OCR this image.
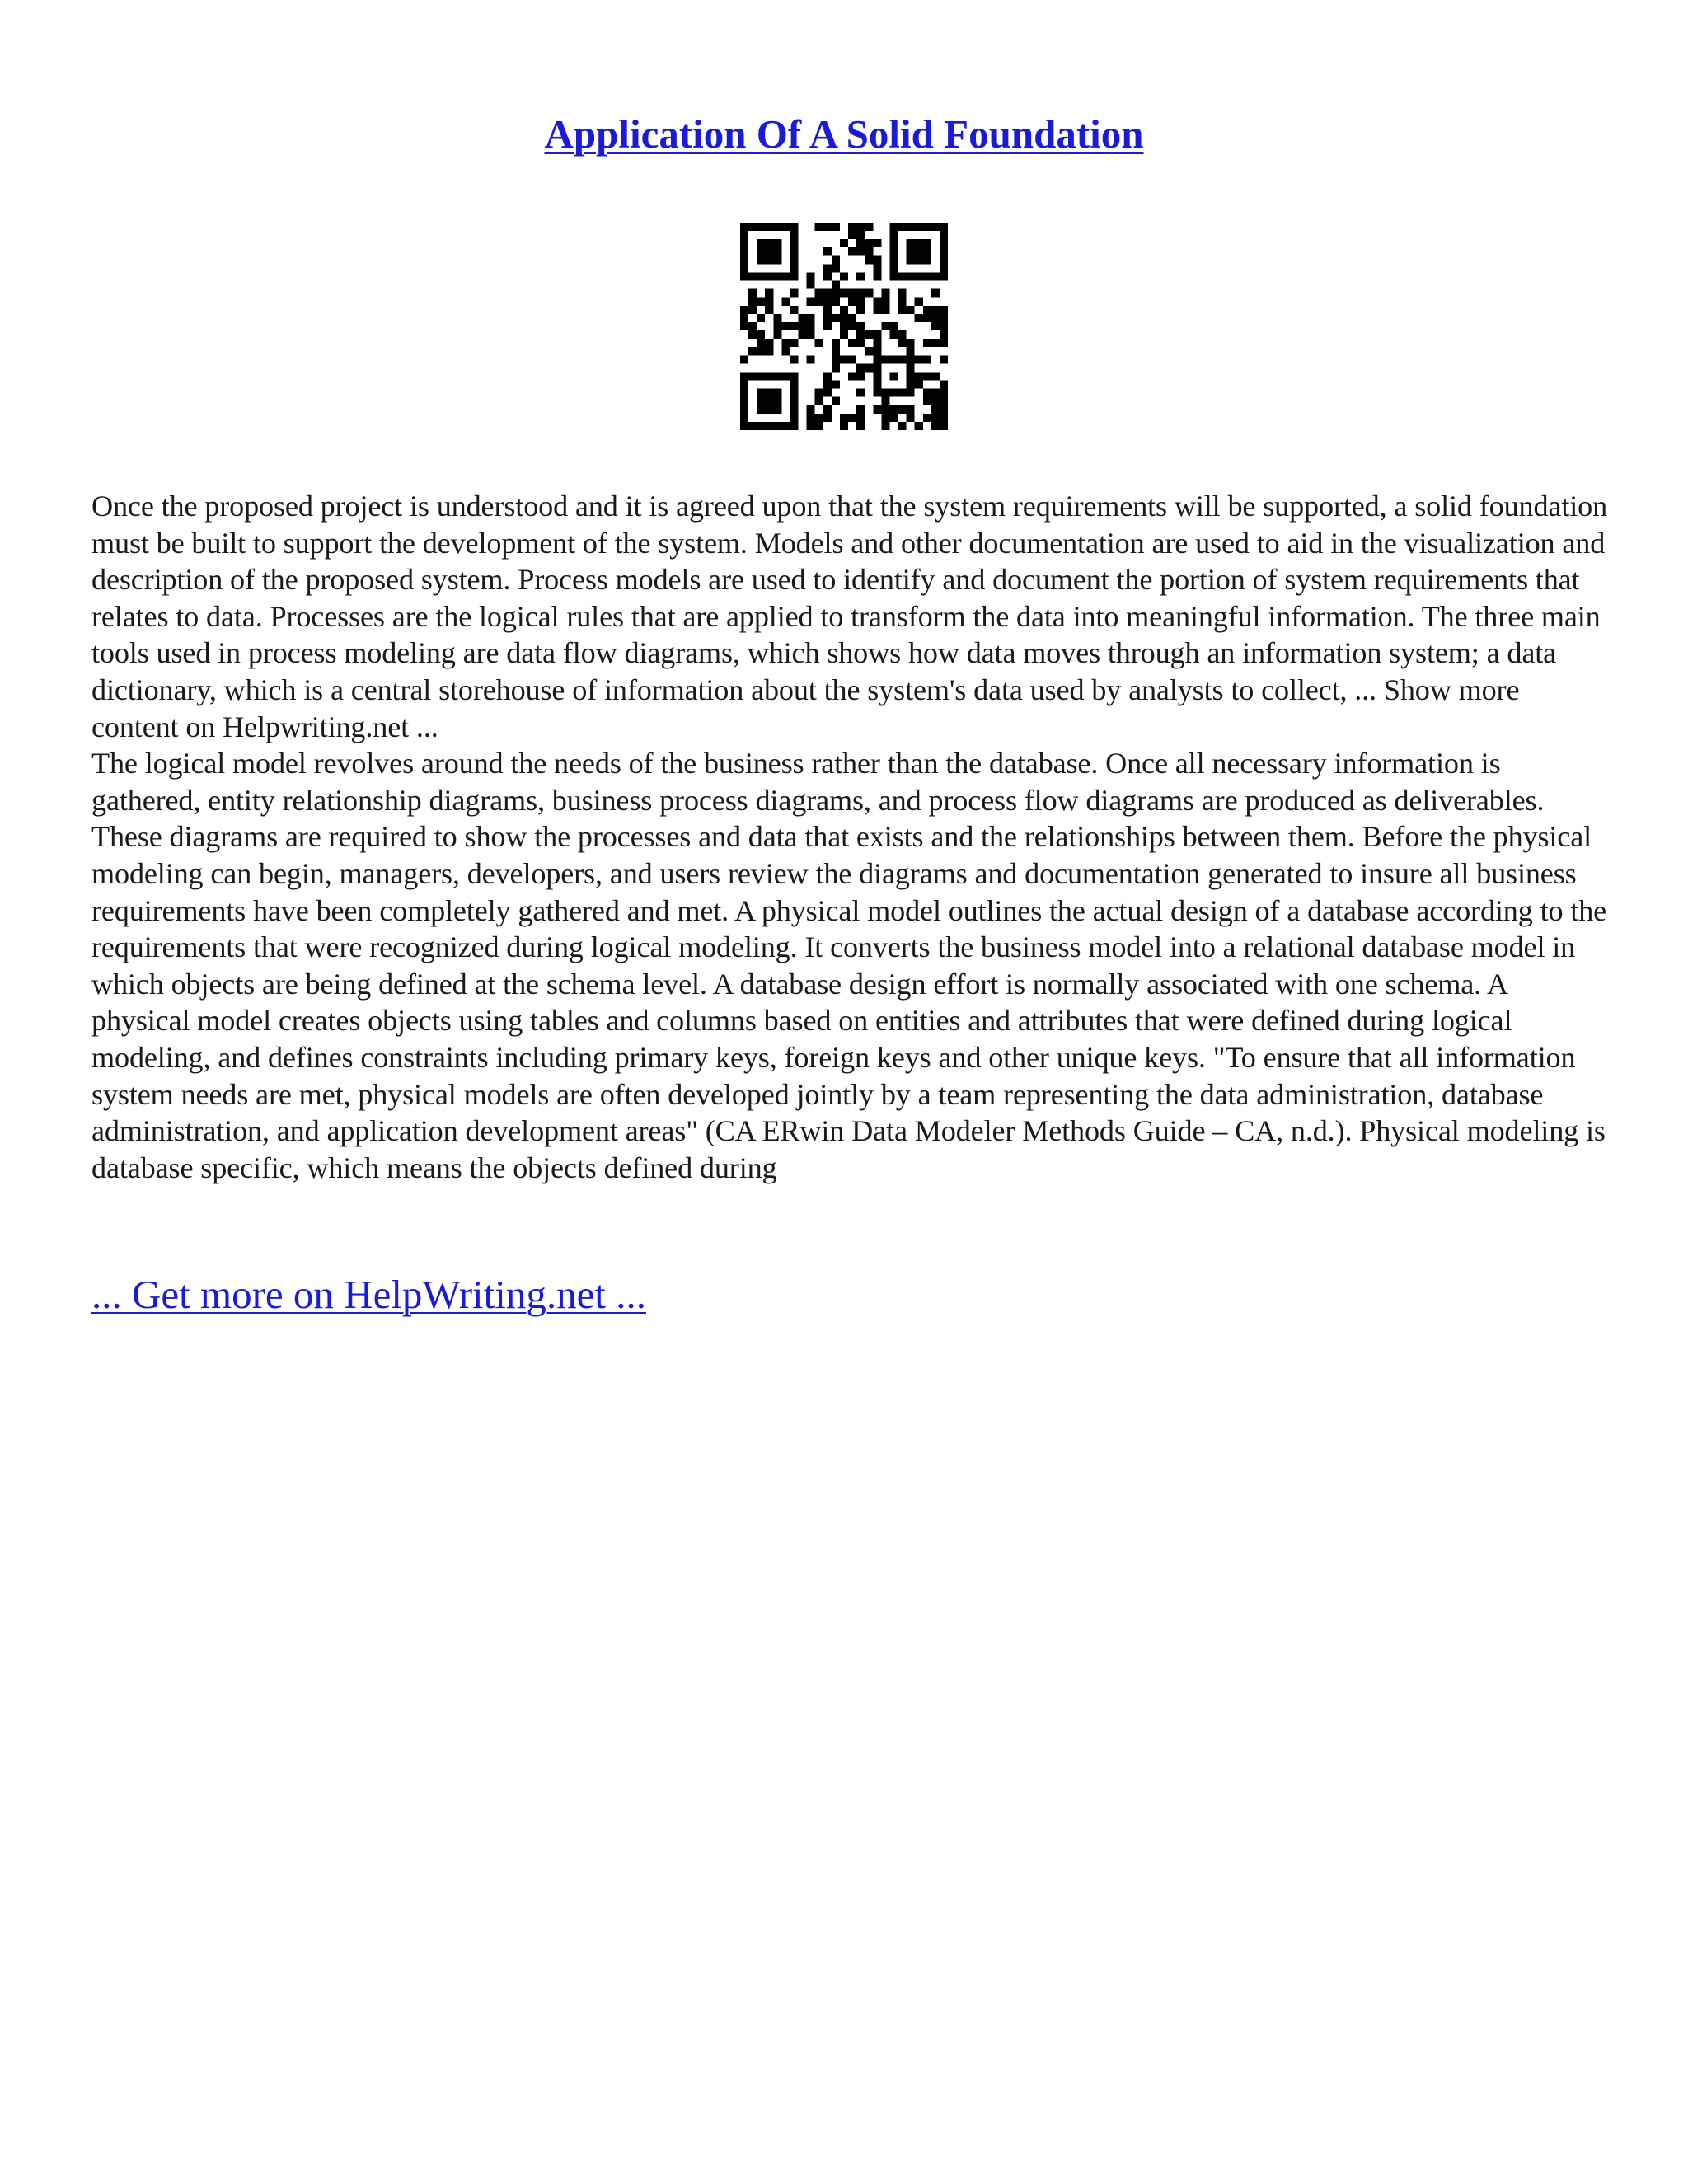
Application Of A Solid Foundation

Once the proposed project is understood and it is agreed upon that the system requirements will be supported, a solid foundation must be built to support the development of the system. Models and other documentation are used to aid in the visualization and description of the proposed system. Process models are used to identify and document the portion of system requirements that relates to data. Processes are the logical rules that are applied to transform the data into meaningful information. The three main tools used in process modeling are data flow diagrams, which shows how data moves through an information system; a data dictionary, which is a central storehouse of information about the system's data used by analysts to collect, ... Show more content on Helpwriting.net ...

The logical model revolves around the needs of the business rather than the database. Once all necessary information is gathered, entity relationship diagrams, business process diagrams, and process flow diagrams are produced as deliverables. These diagrams are required to show the processes and data that exists and the relationships between them. Before the physical modeling can begin, managers, developers, and users review the diagrams and documentation generated to insure all business requirements have been completely gathered and met. A physical model outlines the actual design of a database according to the requirements that were recognized during logical modeling. It converts the business model into a relational database model in which objects are being defined at the schema level. A database design effort is normally associated with one schema. A physical model creates objects using tables and columns based on entities and attributes that were defined during logical modeling, and defines constraints including primary keys, foreign keys and other unique keys. "To ensure that all information system needs are met, physical models are often developed jointly by a team representing the data administration, database administration, and application development areas" (CA ERwin Data Modeler Methods Guide – CA, n.d.). Physical modeling is database specific, which means the objects defined during

... Get more on HelpWriting.net ...
